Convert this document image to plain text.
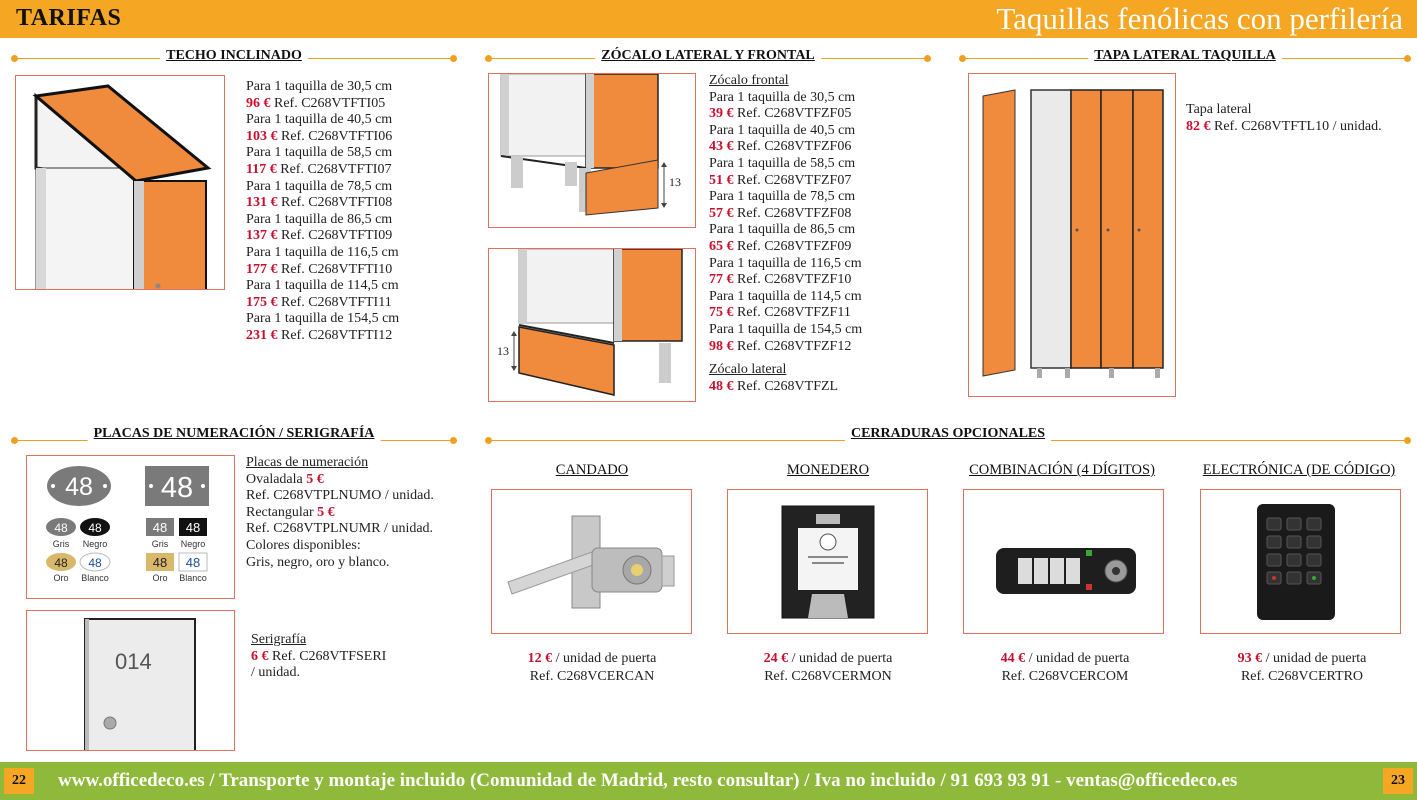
TARIFAS	Taquillas fenólicas con perfilería
TECHO INCLINADO	ZÓCALO LATERAL Y FRONTAL	TAPA LATERAL TAQUILLA
PLACAS DE NUMERACIÓN / SERIGRAFÍA	CERRADURAS OPCIONALES
Para 1 taquilla de 30,5 cm
96 € Ref. C268VTFTI05
Para 1 taquilla de 40,5 cm
103 € Ref. C268VTFTI06
Para 1 taquilla de 58,5 cm
117 € Ref. C268VTFTI07
Para 1 taquilla de 78,5 cm
131 € Ref. C268VTFTI08
Para 1 taquilla de 86,5 cm
137 € Ref. C268VTFTI09
Para 1 taquilla de 116,5 cm
177 € Ref. C268VTFTI10
Para 1 taquilla de 114,5 cm
175 € Ref. C268VTFTI11
Para 1 taquilla de 154,5 cm
231 € Ref. C268VTFTI12
13
13
Zócalo frontal
Para 1 taquilla de 30,5 cm
39 € Ref. C268VTFZF05
Para 1 taquilla de 40,5 cm
43 € Ref. C268VTFZF06
Para 1 taquilla de 58,5 cm
51 € Ref. C268VTFZF07
Para 1 taquilla de 78,5 cm
57 € Ref. C268VTFZF08
Para 1 taquilla de 86,5 cm
65 € Ref. C268VTFZF09
Para 1 taquilla de 116,5 cm
77 € Ref. C268VTFZF10
Para 1 taquilla de 114,5 cm
75 € Ref. C268VTFZF11
Para 1 taquilla de 154,5 cm
98 € Ref. C268VTFZF12
Zócalo lateral
48 € Ref. C268VTFZL
Tapa lateral
82 € Ref. C268VTFTL10 / unidad.
48 48
48 48
Gris Negro
48 48
Oro Blanco
48 48
Gris Negro
48 48
Oro Blanco
Placas de numeración
Ovaladala 5 €
Ref. C268VTPLNUMO / unidad.
Rectangular 5 €
Ref. C268VTPLNUMR / unidad.
Colores disponibles:
Gris, negro, oro y blanco.
014
Serigrafía
6 € Ref. C268VTFSERI
/ unidad.
CANDADO	MONEDERO	COMBINACIÓN (4 DÍGITOS)	ELECTRÓNICA (DE CÓDIGO)
12 € / unidad de puerta
Ref. C268VCERCAN
24 € / unidad de puerta
Ref. C268VCERMON
44 € / unidad de puerta
Ref. C268VCERCOM
93 € / unidad de puerta
Ref. C268VCERTRO
22	www.officedeco.es / Transporte y montaje incluido (Comunidad de Madrid, resto consultar) / Iva no incluido / 91 693 93 91 - ventas@officedeco.es	23
